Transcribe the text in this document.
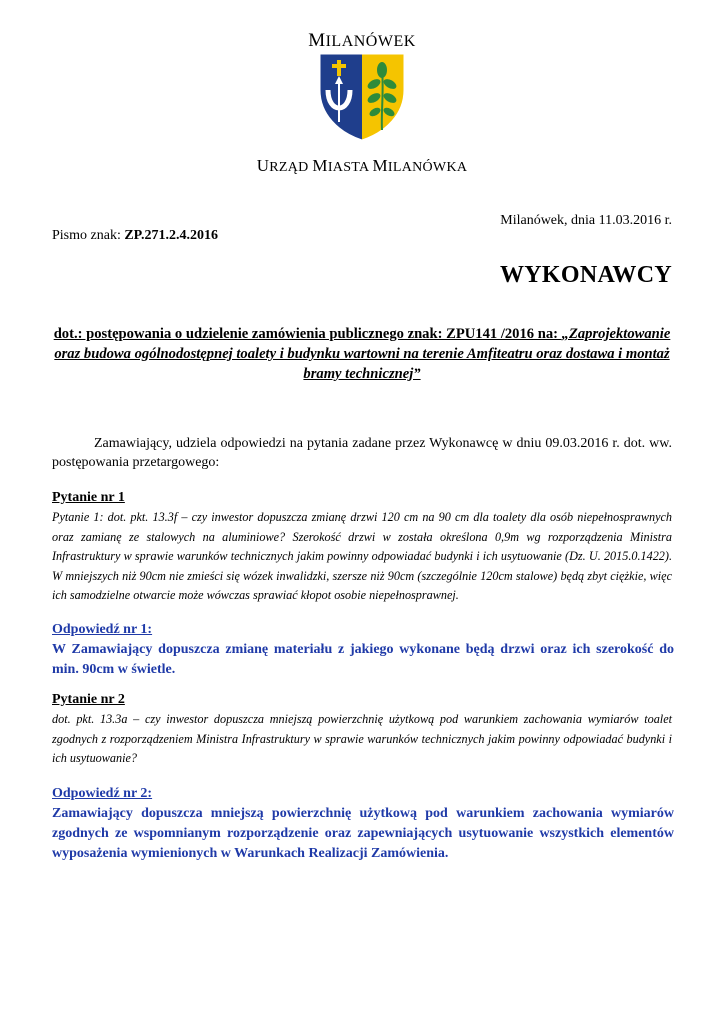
MILANÓWEK
URZĄD MIASTA MILANÓWKA
Milanówek, dnia 11.03.2016 r.
Pismo znak: ZP.271.2.4.2016
WYKONAWCY
dot.: postępowania o udzielenie zamówienia publicznego znak: ZPU141 /2016 na: „Zaprojektowanie oraz budowa ogólnodostępnej toalety i budynku wartowni na terenie Amfiteatru oraz dostawa i montaż bramy technicznej”
Zamawiający, udziela odpowiedzi na pytania zadane przez Wykonawcę w dniu 09.03.2016 r. dot. ww. postępowania przetargowego:
Pytanie nr 1
Pytanie 1: dot. pkt. 13.3f – czy inwestor dopuszcza zmianę drzwi 120 cm na 90 cm dla toalety dla osób niepełnosprawnych oraz zamianę ze stalowych na aluminiowe? Szerokość drzwi w została określona 0,9m wg rozporządzenia Ministra Infrastruktury w sprawie warunków technicznych jakim powinny odpowiadać budynki i ich usytuowanie (Dz. U. 2015.0.1422). W mniejszych niż 90cm nie zmieści się wózek inwalidzki, szersze niż 90cm (szczególnie 120cm stalowe) będą zbyt ciężkie, więc ich samodzielne otwarcie może wówczas sprawiać kłopot osobie niepełnosprawnej.
Odpowiedź nr 1:
W Zamawiający dopuszcza zmianę materiału z jakiego wykonane będą drzwi oraz ich szerokość do min. 90cm w świetle.
Pytanie nr 2
dot. pkt. 13.3a – czy inwestor dopuszcza mniejszą powierzchnię użytkową pod warunkiem zachowania wymiarów toalet zgodnych z rozporządzeniem Ministra Infrastruktury w sprawie warunków technicznych jakim powinny odpowiadać budynki i ich usytuowanie?
Odpowiedź nr 2:
Zamawiający dopuszcza mniejszą powierzchnię użytkową pod warunkiem zachowania wymiarów zgodnych ze wspomnianym rozporządzenie oraz zapewniających usytuowanie wszystkich elementów wyposażenia wymienionych w Warunkach Realizacji Zamówienia.
